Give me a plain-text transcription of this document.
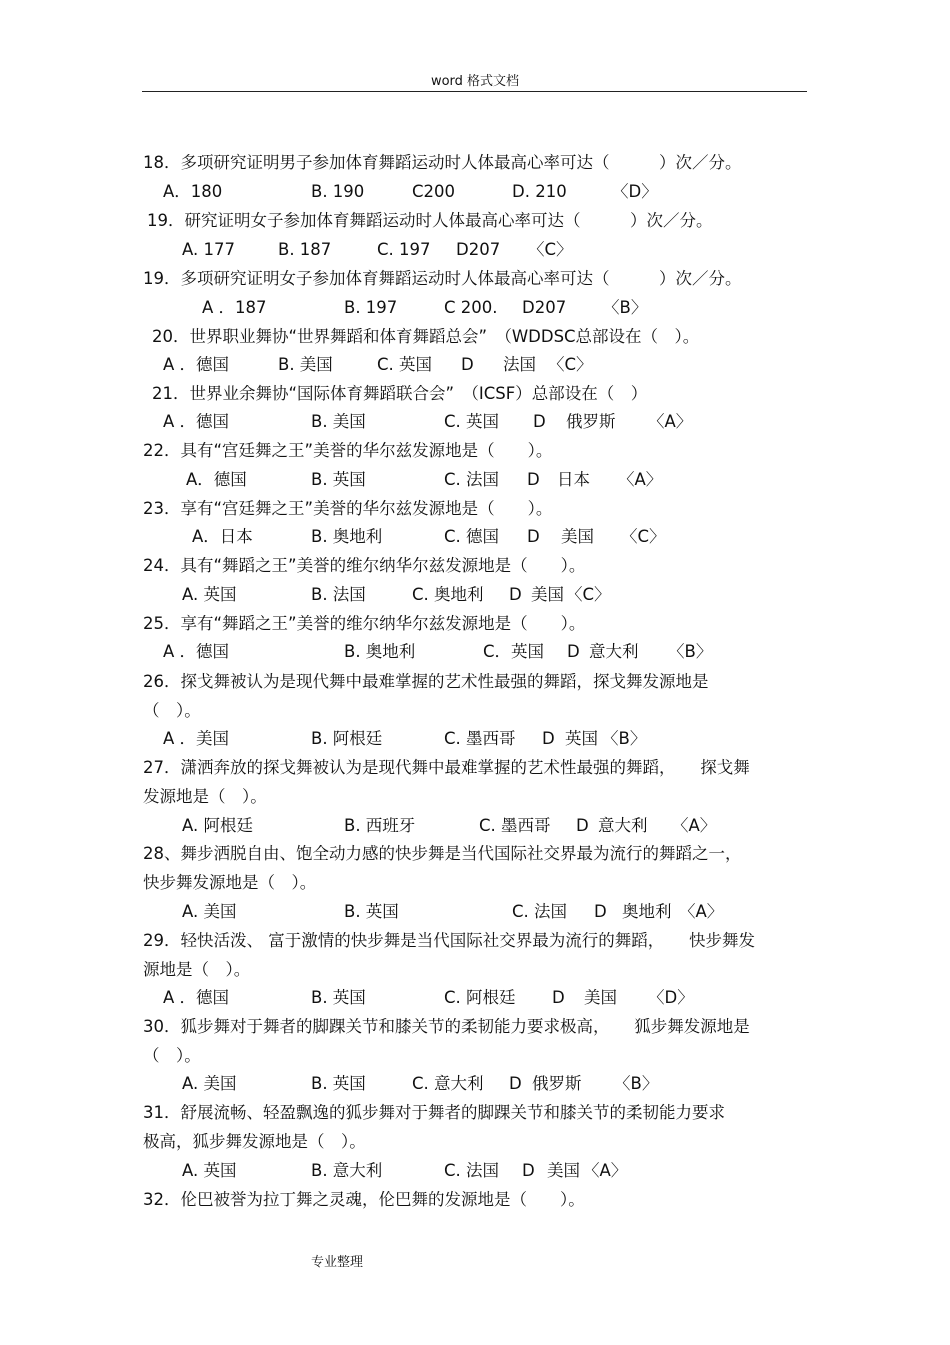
word 格式文档
18．多项研究证明男子参加体育舞蹈运动时人体最高心率可达（　　　）次／分。
A．180	B. 190	C200	D. 210	〈D〉
19．研究证明女子参加体育舞蹈运动时人体最高心率可达（　　　）次／分。
A. 177	B. 187	C. 197 D207 〈C〉
19．多项研究证明女子参加体育舞蹈运动时人体最高心率可达（　　　）次／分。
A ．187	B. 197	C 200. D207 〈B〉
20．世界职业舞协“世界舞蹈和体育舞蹈总会”　（WDDSC总部设在（　）。
A ．德国	B. 美国	C. 英国 D 法国 〈C〉
21．世界业余舞协“国际体育舞蹈联合会”　（ICSF）总部设在（　）
A ．德国	B. 美国	C. 英国 D 俄罗斯 〈A〉
22．具有“宫廷舞之王”美誉的华尔兹发源地是（　　）。
A．德国	B. 英国	C. 法国 D 日本 〈A〉
23．享有“宫廷舞之王”美誉的华尔兹发源地是（　　）。
A．日本	B. 奥地利	C. 德国 D 美国 〈C〉
24．具有“舞蹈之王”美誉的维尔纳华尔兹发源地是（　　）。
A. 英国	B. 法国	C. 奥地利 D 美国 〈C〉
25．享有“舞蹈之王”美誉的维尔纳华尔兹发源地是（　　）。
A ．德国	B. 奥地利	C．英国 D 意大利 〈B〉
26．探戈舞被认为是现代舞中最难掌握的艺术性最强的舞蹈，探戈舞发源地是
（　）。
A ．美国	B. 阿根廷	C. 墨西哥 D 英国 〈B〉
27．潇洒奔放的探戈舞被认为是现代舞中最难掌握的艺术性最强的舞蹈，　　探戈舞
发源地是（　）。
A. 阿根廷	B. 西班牙	C. 墨西哥 D 意大利 〈A〉
28、舞步洒脱自由、饱全动力感的快步舞是当代国际社交界最为流行的舞蹈之一，
快步舞发源地是（　）。
A. 美国	B. 英国	C. 法国 D 奥地利 〈A〉
29．轻快活泼、 富于激情的快步舞是当代国际社交界最为流行的舞蹈，　　快步舞发
源地是（　）。
A ．德国	B. 英国	C. 阿根廷 D 美国 〈D〉
30．狐步舞对于舞者的脚踝关节和膝关节的柔韧能力要求极高，　　狐步舞发源地是
（　）。
A. 美国	B. 英国	C. 意大利 D 俄罗斯 〈B〉
31．舒展流畅、轻盈飘逸的狐步舞对于舞者的脚踝关节和膝关节的柔韧能力要求
极高，狐步舞发源地是（　）。
A. 英国	B. 意大利	C. 法国 D 美国 〈A〉
32．伦巴被誉为拉丁舞之灵魂，伦巴舞的发源地是（　　）。
专业整理
